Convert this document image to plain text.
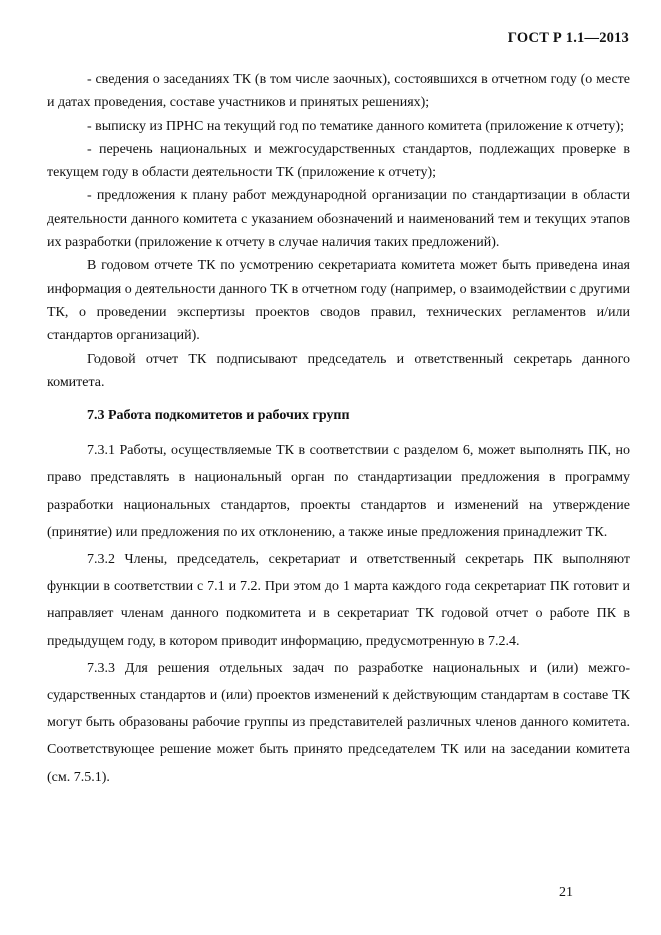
ГОСТ Р 1.1—2013

- сведения о заседаниях ТК (в том числе заочных), состоявшихся в отчетном году (о месте и датах проведения, составе участников и принятых решениях);

- выписку из ПРНС на текущий год по тематике данного комитета (приложение к отчету);

- перечень национальных и межгосударственных стандартов, подлежащих проверке в текущем году в области деятельности ТК (приложение к отчету);

- предложения к плану работ международной организации по стандартизации в области деятельности данного комитета с указанием обозначений и наименований тем и текущих этапов их разработки (приложение к отчету в случае наличия таких предложений).

В годовом отчете ТК по усмотрению секретариата комитета может быть приведена иная информация о деятельности данного ТК в отчетном году (например, о взаимодействии с другими ТК, о проведении экспертизы проектов сводов правил, технических регламентов и/или стандартов организаций).

Годовой отчет ТК подписывают председатель и ответственный секретарь данного комитета.

7.3 Работа подкомитетов и рабочих групп

7.3.1 Работы, осуществляемые ТК в соответствии с разделом 6, может выполнять ПК, но право представлять в национальный орган по стандартизации предложения в программу разработки национальных стандартов, проекты стандартов и изменений на утверждение (принятие) или предложения по их отклонению, а также иные предложения принадлежит ТК.

7.3.2 Члены, председатель, секретариат и ответственный секретарь ПК выполняют функции в соответствии с 7.1 и 7.2. При этом до 1 марта каждого года секретариат ПК готовит и направляет членам данного подкомитета и в секретариат ТК годовой отчет о работе ПК в предыдущем году, в котором приводит информацию, предусмотренную в 7.2.4.

7.3.3 Для решения отдельных задач по разработке национальных и (или) межгосударственных стандартов и (или) проектов изменений к действующим стандартам в составе ТК могут быть образованы рабочие группы из представителей различных членов данного комитета. Соответствующее решение может быть принято председателем ТК или на заседании комитета (см. 7.5.1).

21
